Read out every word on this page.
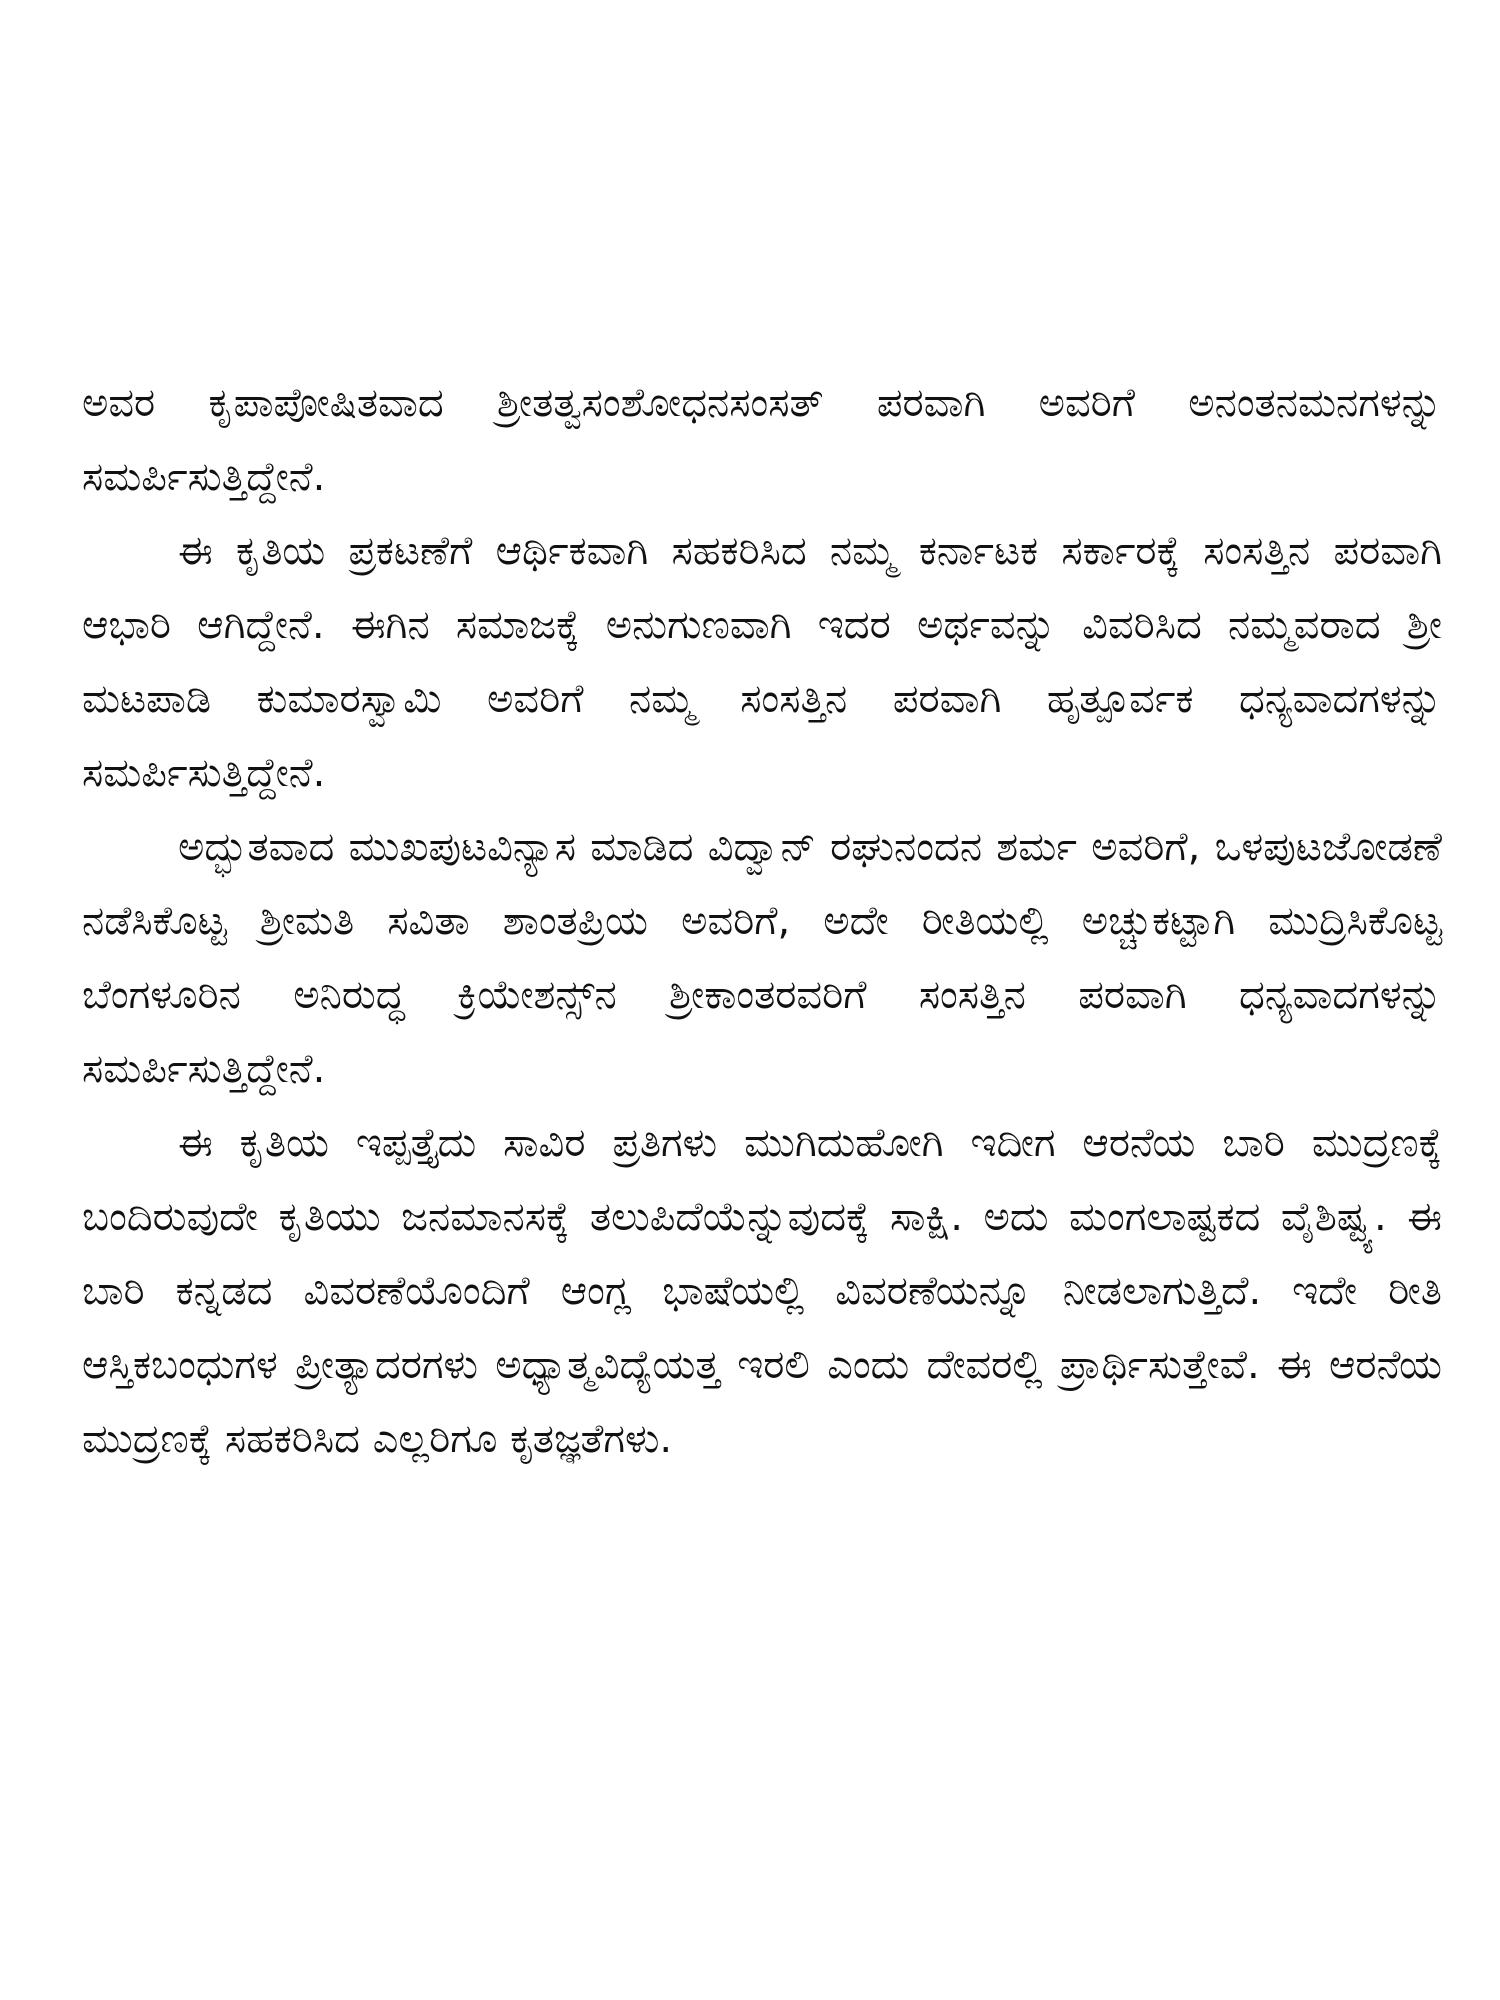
ಅವರ ಕೃಪಾಪೋಷಿತವಾದ ಶ್ರೀತತ್ವಸಂಶೋಧನಸಂಸತ್ ಪರವಾಗಿ ಅವರಿಗೆ ಅನಂತನಮನಗಳನ್ನು ಸಮರ್ಪಿಸುತ್ತಿದ್ದೇನೆ.

ಈ ಕೃತಿಯ ಪ್ರಕಟಣೆಗೆ ಆರ್ಥಿಕವಾಗಿ ಸಹಕರಿಸಿದ ನಮ್ಮ ಕರ್ನಾಟಕ ಸರ್ಕಾರಕ್ಕೆ ಸಂಸತ್ತಿನ ಪರವಾಗಿ ಆಭಾರಿ ಆಗಿದ್ದೇನೆ. ಈಗಿನ ಸಮಾಜಕ್ಕೆ ಅನುಗುಣವಾಗಿ ಇದರ ಅರ್ಥವನ್ನು ವಿವರಿಸಿದ ನಮ್ಮವರಾದ ಶ್ರೀ ಮಟಪಾಡಿ ಕುಮಾರಸ್ವಾಮಿ ಅವರಿಗೆ ನಮ್ಮ ಸಂಸತ್ತಿನ ಪರವಾಗಿ ಹೃತ್ಪೂರ್ವಕ ಧನ್ಯವಾದಗಳನ್ನು ಸಮರ್ಪಿಸುತ್ತಿದ್ದೇನೆ.

ಅದ್ಭುತವಾದ ಮುಖಪುಟವಿನ್ಯಾಸ ಮಾಡಿದ ವಿದ್ವಾನ್ ರಘುನಂದನ ಶರ್ಮ ಅವರಿಗೆ, ಒಳಪುಟಜೋಡಣೆ ನಡೆಸಿಕೊಟ್ಟ ಶ್ರೀಮತಿ ಸವಿತಾ ಶಾಂತಪ್ರಿಯ ಅವರಿಗೆ, ಅದೇ ರೀತಿಯಲ್ಲಿ ಅಚ್ಚುಕಟ್ಟಾಗಿ ಮುದ್ರಿಸಿಕೊಟ್ಟ ಬೆಂಗಳೂರಿನ ಅನಿರುದ್ಧ ಕ್ರಿಯೇಶನ್ಸ್‌ನ ಶ್ರೀಕಾಂತರವರಿಗೆ ಸಂಸತ್ತಿನ ಪರವಾಗಿ ಧನ್ಯವಾದಗಳನ್ನು ಸಮರ್ಪಿಸುತ್ತಿದ್ದೇನೆ.

ಈ ಕೃತಿಯ ಇಪ್ಪತ್ತೈದು ಸಾವಿರ ಪ್ರತಿಗಳು ಮುಗಿದುಹೋಗಿ ಇದೀಗ ಆರನೆಯ ಬಾರಿ ಮುದ್ರಣಕ್ಕೆ ಬಂದಿರುವುದೇ ಕೃತಿಯು ಜನಮಾನಸಕ್ಕೆ ತಲುಪಿದೆಯೆನ್ನುವುದಕ್ಕೆ ಸಾಕ್ಷಿ. ಅದು ಮಂಗಲಾಷ್ಟಕದ ವೈಶಿಷ್ಟ್ಯ. ಈ ಬಾರಿ ಕನ್ನಡದ ವಿವರಣೆಯೊಂದಿಗೆ ಆಂಗ್ಲ ಭಾಷೆಯಲ್ಲಿ ವಿವರಣೆಯನ್ನೂ ನೀಡಲಾಗುತ್ತಿದೆ. ಇದೇ ರೀತಿ ಆಸ್ತಿಕಬಂಧುಗಳ ಪ್ರೀತ್ಯಾದರಗಳು ಅಧ್ಯಾತ್ಮವಿದ್ಯೆಯತ್ತ ಇರಲಿ ಎಂದು ದೇವರಲ್ಲಿ ಪ್ರಾರ್ಥಿಸುತ್ತೇವೆ. ಈ ಆರನೆಯ ಮುದ್ರಣಕ್ಕೆ ಸಹಕರಿಸಿದ ಎಲ್ಲರಿಗೂ ಕೃತಜ್ಞತೆಗಳು.
